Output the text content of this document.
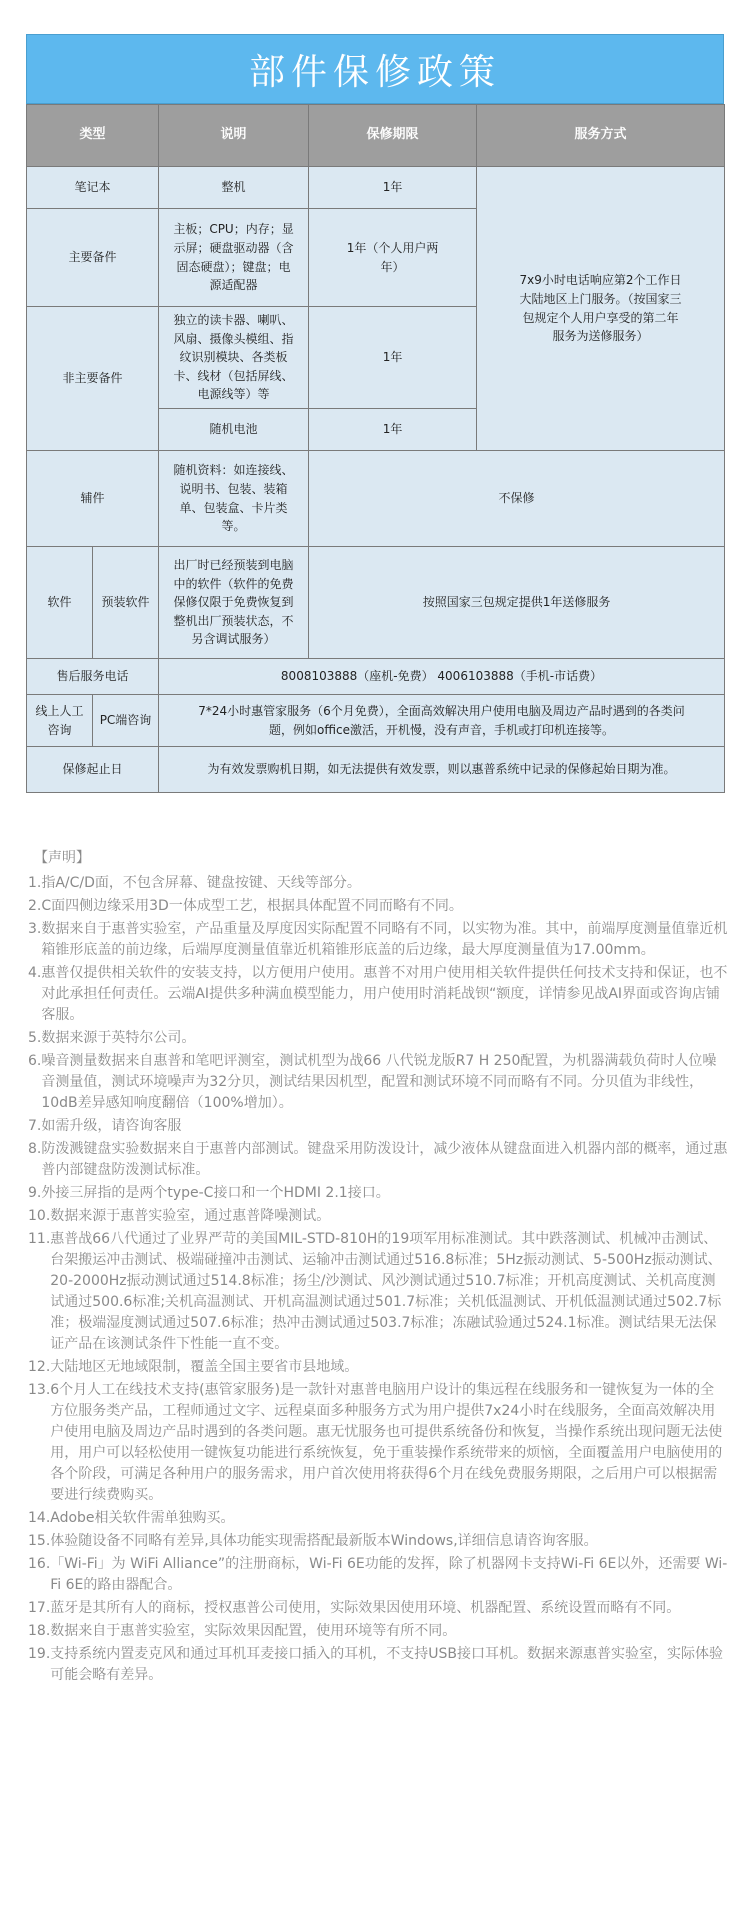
部件保修政策
类型		说明	保修期限	服务方式
笔记本		整机	1年	7x9小时电话响应第2个工作日大陆地区上门服务。（按国家三包规定个人用户享受的第二年服务为送修服务）
主要备件		主板；CPU；内存；显示屏；硬盘驱动器（含固态硬盘）；键盘；电源适配器	1年（个人用户两年）	
非主要备件		独立的读卡器、喇叭、风扇、摄像头模组、指纹识别模块、各类板卡、线材（包括屏线、电源线等）等	1年	
		随机电池	1年	
辅件		随机资料：如连接线、说明书、包装、装箱单、包装盒、卡片类等。	不保修	
软件	预装软件	出厂时已经预装到电脑中的软件（软件的免费保修仅限于免费恢复到整机出厂预装状态，不另含调试服务）	按照国家三包规定提供1年送修服务	
售后服务电话		8008103888（座机-免费） 4006103888（手机-市话费）		
线上人工咨询	PC端咨询	7*24小时惠管家服务（6个月免费），全面高效解决用户使用电脑及周边产品时遇到的各类问题，例如office激活，开机慢，没有声音，手机或打印机连接等。		
保修起止日		为有效发票购机日期，如无法提供有效发票，则以惠普系统中记录的保修起始日期为准。		
【声明】
1. 指A/C/D面，不包含屏幕、键盘按键、天线等部分。
2. C面四侧边缘采用3D一体成型工艺，根据具体配置不同而略有不同。
3. 数据来自于惠普实验室，产品重量及厚度因实际配置不同略有不同，以实物为准。其中，前端厚度测量值靠近机箱锥形底盖的前边缘，后端厚度测量值靠近机箱锥形底盖的后边缘，最大厚度测量值为17.00mm。
4. 惠普仅提供相关软件的安装支持，以方便用户使用。惠普不对用户使用相关软件提供任何技术支持和保证，也不对此承担任何责任。云端AI提供多种满血模型能力，用户使用时消耗战钡“额度，详情参见战AI界面或咨询店铺客服。
5. 数据来源于英特尔公司。
6. 噪音测量数据来自惠普和笔吧评测室，测试机型为战66 八代锐龙版R7 H 250配置，为机器满载负荷时人位噪音测量值，测试环境噪声为32分贝，测试结果因机型，配置和测试环境不同而略有不同。分贝值为非线性，10dB差异感知响度翻倍（100%增加）。
7. 如需升级，请咨询客服
8. 防泼溅键盘实验数据来自于惠普内部测试。键盘采用防泼设计，减少液体从键盘面进入机器内部的概率，通过惠普内部键盘防泼测试标准。
9. 外接三屏指的是两个type-C接口和一个HDMI 2.1接口。
10. 数据来源于惠普实验室，通过惠普降噪测试。
11. 惠普战66八代通过了业界严苛的美国MIL-STD-810H的19项军用标准测试。其中跌落测试、机械冲击测试、台架搬运冲击测试、极端碰撞冲击测试、运输冲击测试通过516.8标准；5Hz振动测试、5-500Hz振动测试、20-2000Hz振动测试通过514.8标准；扬尘/沙测试、风沙测试通过510.7标准；开机高度测试、关机高度测试通过500.6标准;关机高温测试、开机高温测试通过501.7标准；关机低温测试、开机低温测试通过502.7标准；极端湿度测试通过507.6标准；热冲击测试通过503.7标准；冻融试验通过524.1标准。测试结果无法保证产品在该测试条件下性能一直不变。
12. 大陆地区无地域限制，覆盖全国主要省市县地域。
13. 6个月人工在线技术支持(惠管家服务)是一款针对惠普电脑用户设计的集远程在线服务和一键恢复为一体的全方位服务类产品，工程师通过文字、远程桌面多种服务方式为用户提供7x24小时在线服务，全面高效解决用户使用电脑及周边产品时遇到的各类问题。惠无忧服务也可提供系统备份和恢复，当操作系统出现问题无法使用，用户可以轻松使用一键恢复功能进行系统恢复，免于重装操作系统带来的烦恼，全面覆盖用户电脑使用的各个阶段，可满足各种用户的服务需求，用户首次使用将获得6个月在线免费服务期限，之后用户可以根据需要进行续费购买。
14. Adobe相关软件需单独购买。
15. 体验随设备不同略有差异,具体功能实现需搭配最新版本Windows,详细信息请咨询客服。
16. 「Wi-Fi」为 WiFi Alliance”的注册商标，Wi-Fi 6E功能的发挥，除了机器网卡支持Wi-Fi 6E以外，还需要 Wi-Fi 6E的路由器配合。
17. 蓝牙是其所有人的商标，授权惠普公司使用，实际效果因使用环境、机器配置、系统设置而略有不同。
18. 数据来自于惠普实验室，实际效果因配置，使用环境等有所不同。
19. 支持系统内置麦克风和通过耳机耳麦接口插入的耳机，不支持USB接口耳机。数据来源惠普实验室，实际体验可能会略有差异。
